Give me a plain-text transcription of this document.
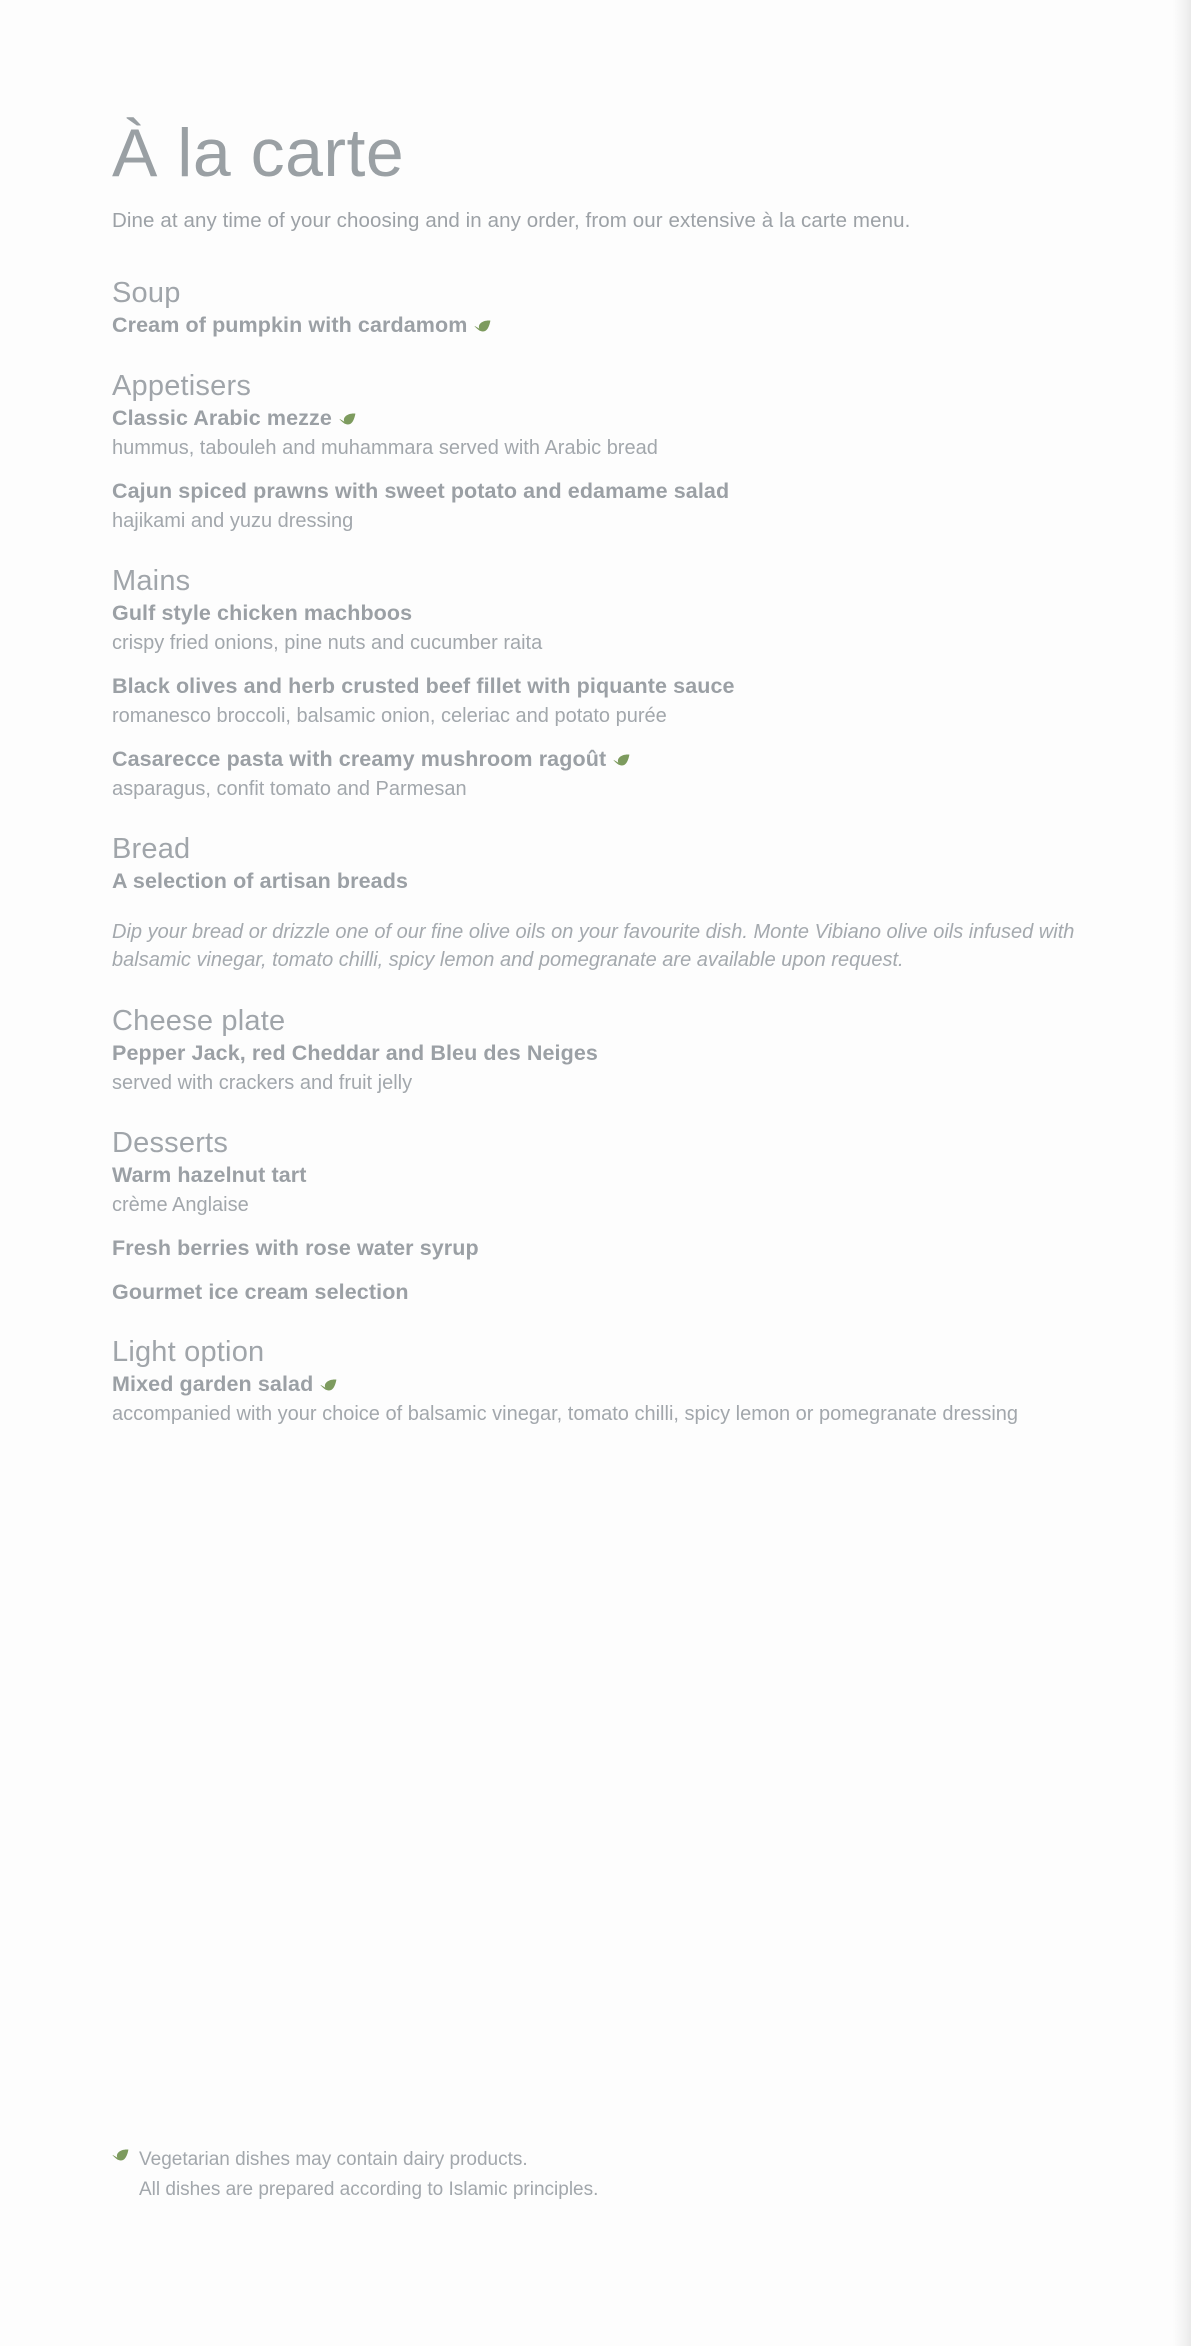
À la carte

Dine at any time of your choosing and in any order, from our extensive à la carte menu.

Soup
Cream of pumpkin with cardamom
Appetisers
Classic Arabic mezze
hummus, tabouleh and muhammara served with Arabic bread
Cajun spiced prawns with sweet potato and edamame salad
hajikami and yuzu dressing
Mains
Gulf style chicken machboos
crispy fried onions, pine nuts and cucumber raita
Black olives and herb crusted beef fillet with piquante sauce
romanesco broccoli, balsamic onion, celeriac and potato purée
Casarecce pasta with creamy mushroom ragoût
asparagus, confit tomato and Parmesan
Bread
A selection of artisan breads
Dip your bread or drizzle one of our fine olive oils on your favourite dish. Monte Vibiano olive oils infused with balsamic vinegar, tomato chilli, spicy lemon and pomegranate are available upon request.
Cheese plate
Pepper Jack, red Cheddar and Bleu des Neiges
served with crackers and fruit jelly
Desserts
Warm hazelnut tart
crème Anglaise
Fresh berries with rose water syrup
Gourmet ice cream selection
Light option
Mixed garden salad
accompanied with your choice of balsamic vinegar, tomato chilli, spicy lemon or pomegranate dressing
Vegetarian dishes may contain dairy products.
All dishes are prepared according to Islamic principles.
